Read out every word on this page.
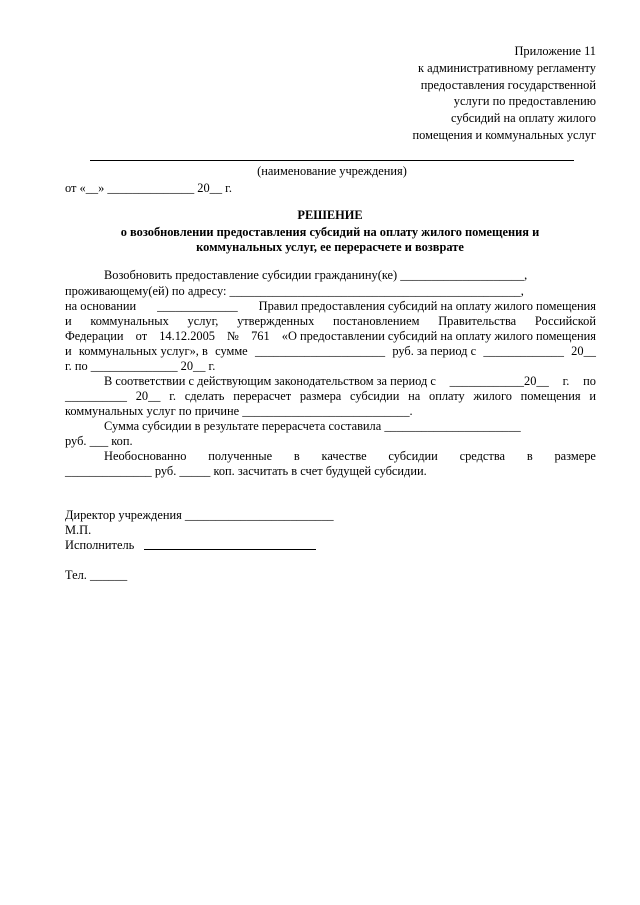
Приложение 11
к административному регламенту
предоставления государственной
услуги по предоставлению
субсидий на оплату жилого
помещения и коммунальных услуг
(наименование учреждения)
от «__» ______________ 20__ г.
РЕШЕНИЕ
о возобновлении предоставления субсидий на оплату жилого помещения и
коммунальных услуг, ее перерасчете и возврате
Возобновить предоставление субсидии гражданину(ке) ____________________,
проживающему(ей) по адресу: _______________________________________________,
на основании _____________ Правил предоставления субсидий на оплату жилого помещения
и коммунальных услуг, утвержденных постановлением Правительства Российской
Федерации от 14.12.2005 № 761 «О предоставлении субсидий на оплату жилого помещения
и коммунальных услуг», в сумме _____________________ руб. за период с _____________ 20__
г. по ______________ 20__ г.
В соответствии с действующим законодательством за период с ____________20__ г. по
__________ 20__ г. сделать перерасчет размера субсидии на оплату жилого помещения и
коммунальных услуг по причине ___________________________.
Сумма субсидии в результате перерасчета составила ______________________
руб. ___ коп.
Необоснованно полученные в качестве субсидии средства в размере
______________ руб. _____ коп. засчитать в счет будущей субсидии.
Директор учреждения ________________________
М.П.
Исполнитель
Тел. ______
